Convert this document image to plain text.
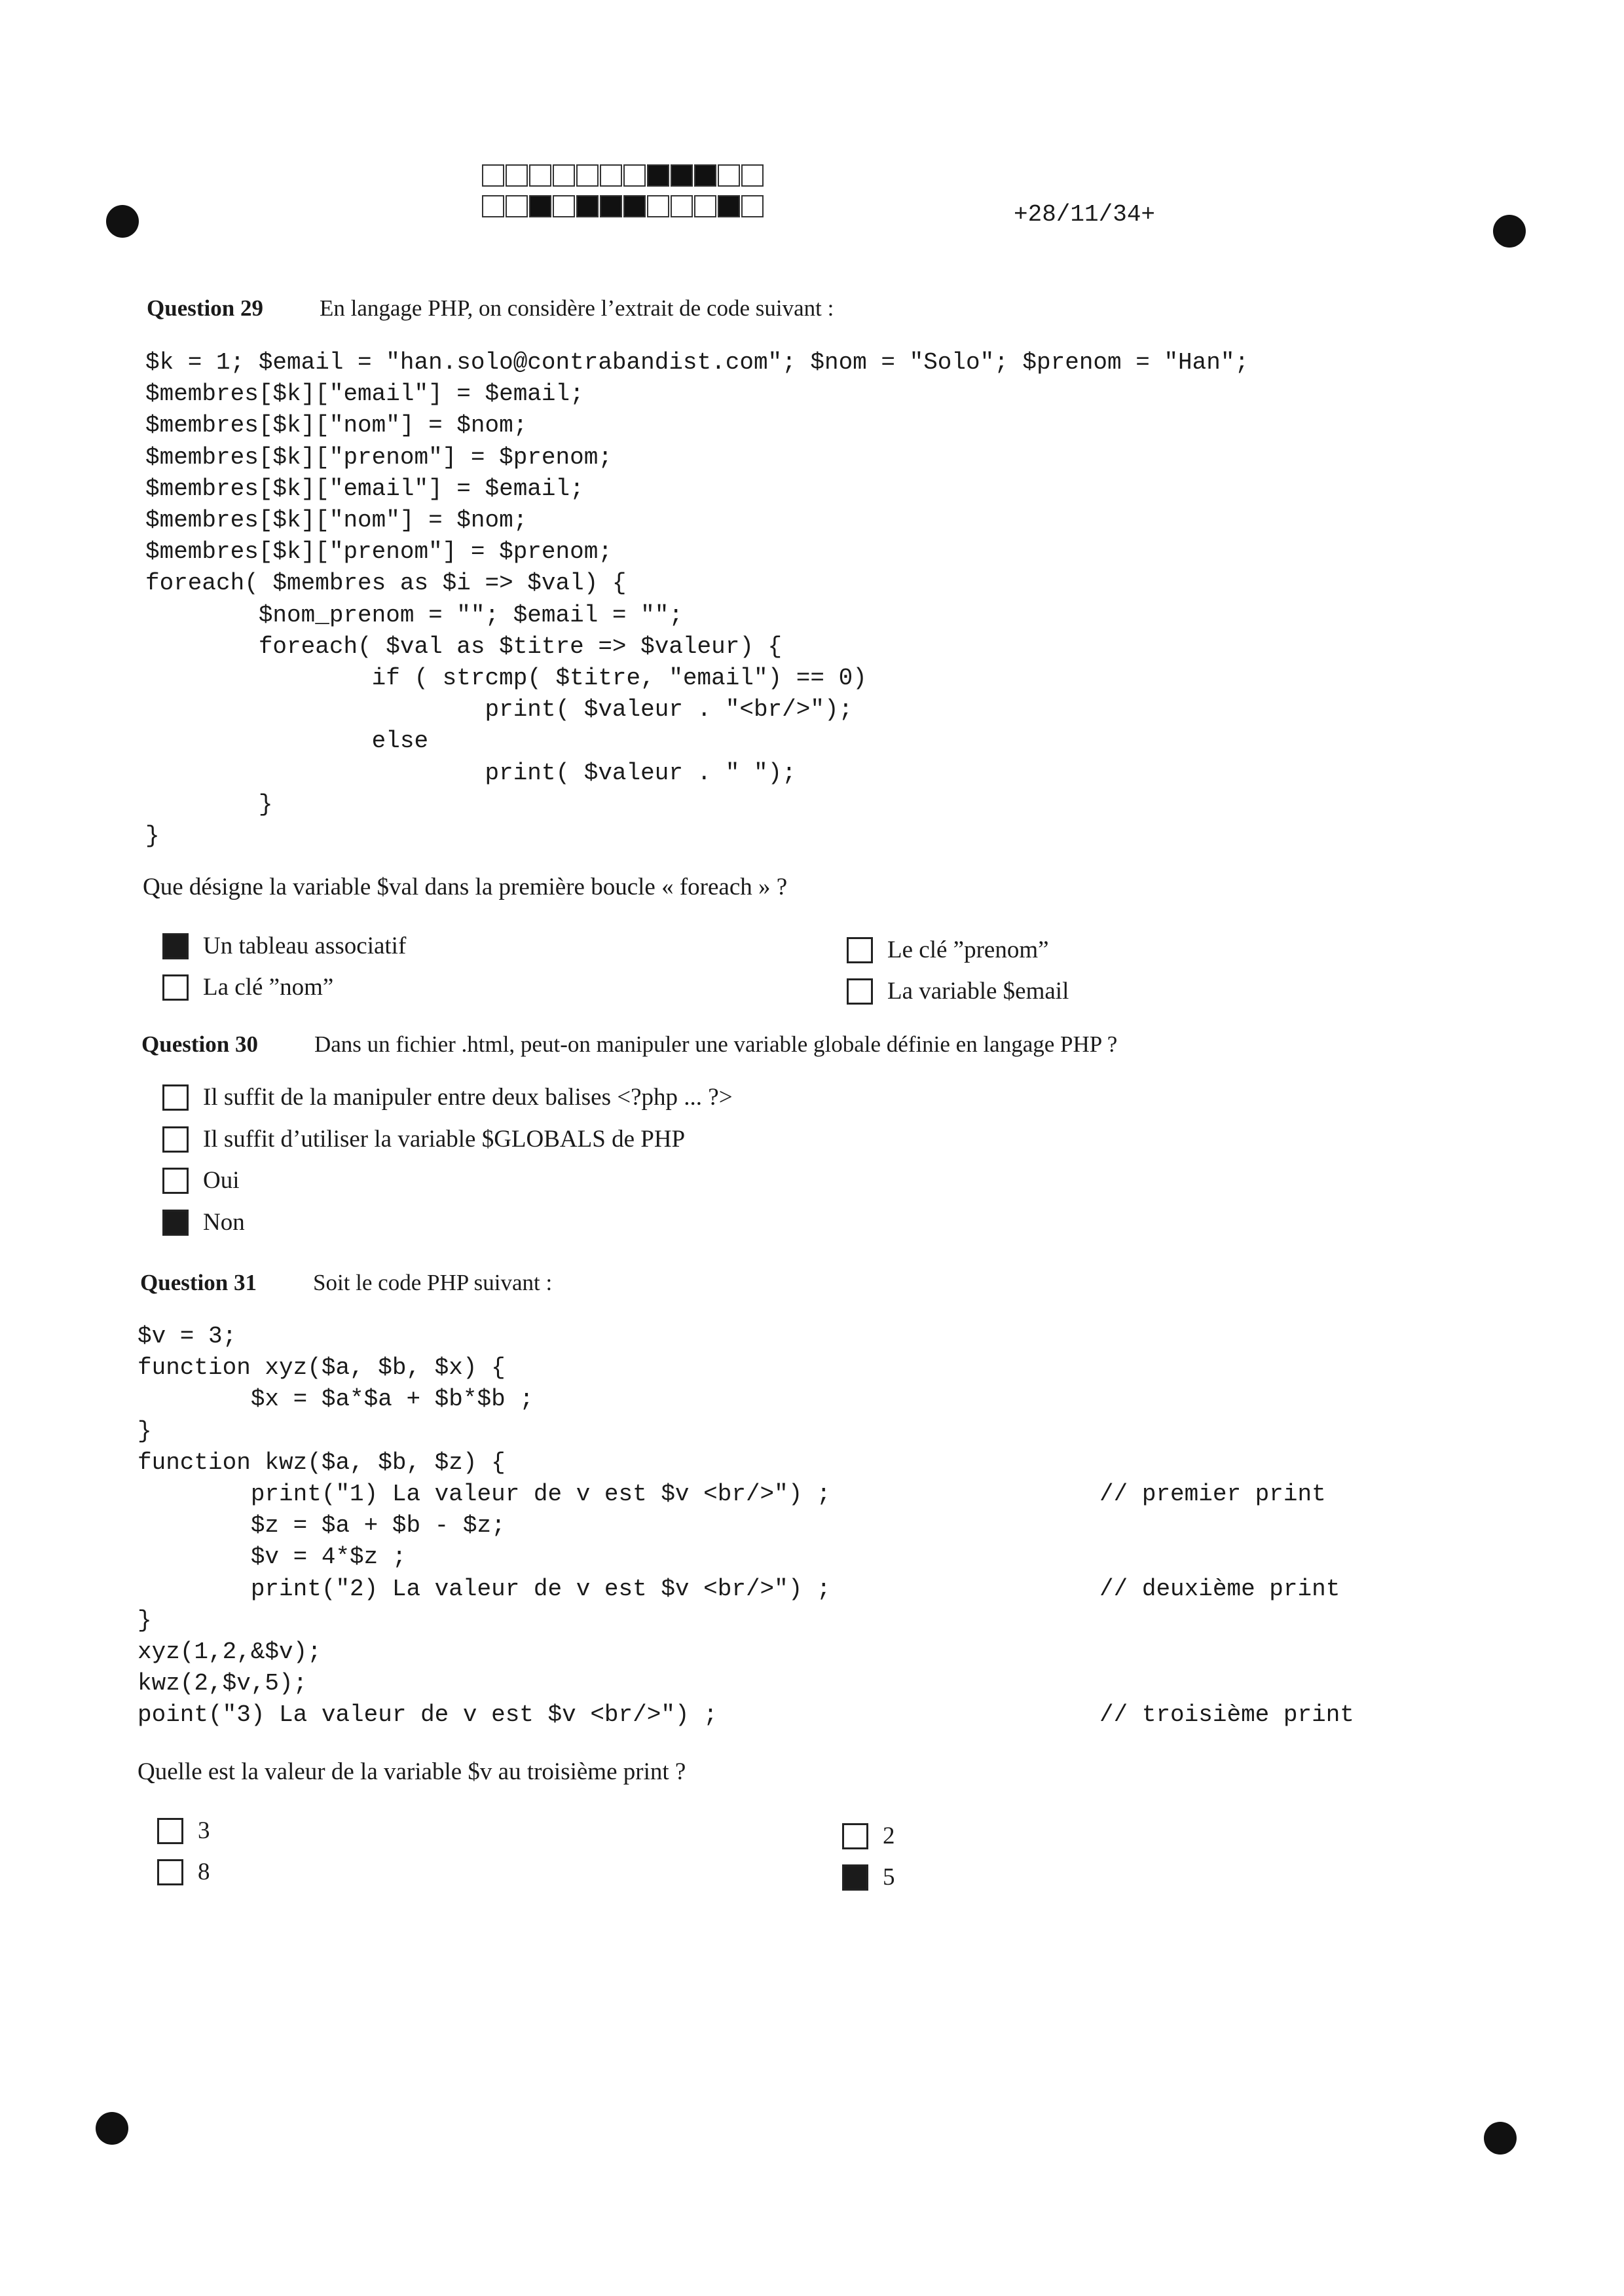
+28/11/34+
Question 29 En langage PHP, on considère l’extrait de code suivant :
$k = 1; $email = "han.solo@contrabandist.com"; $nom = "Solo"; $prenom = "Han";
$membres[$k]["email"] = $email;
$membres[$k]["nom"] = $nom;
$membres[$k]["prenom"] = $prenom;
$membres[$k]["email"] = $email;
$membres[$k]["nom"] = $nom;
$membres[$k]["prenom"] = $prenom;
foreach( $membres as $i => $val) {
$nom_prenom = ""; $email = "";
foreach( $val as $titre => $valeur) {
if ( strcmp( $titre, "email") == 0)
print( $valeur . "<br/>");
else
print( $valeur . " ");
}
}
Que désigne la variable $val dans la première boucle « foreach » ?
Un tableau associatif
La clé ”nom”
Le clé ”prenom”
La variable $email
Question 30 Dans un fichier .html, peut-on manipuler une variable globale définie en langage PHP ?
Il suffit de la manipuler entre deux balises <?php ... ?>
Il suffit d’utiliser la variable $GLOBALS de PHP
Oui
Non
Question 31 Soit le code PHP suivant :
$v = 3;
function xyz($a, $b, $x) {
$x = $a*$a + $b*$b ;
}
function kwz($a, $b, $z) {
print("1) La valeur de v est $v <br/>") ;                   // premier print
$z = $a + $b - $z;
$v = 4*$z ;
print("2) La valeur de v est $v <br/>") ;                   // deuxième print
}
xyz(1,2,&$v);
kwz(2,$v,5);
point("3) La valeur de v est $v <br/>") ;                           // troisième print
Quelle est la valeur de la variable $v au troisième print ?
3
8
2
5
